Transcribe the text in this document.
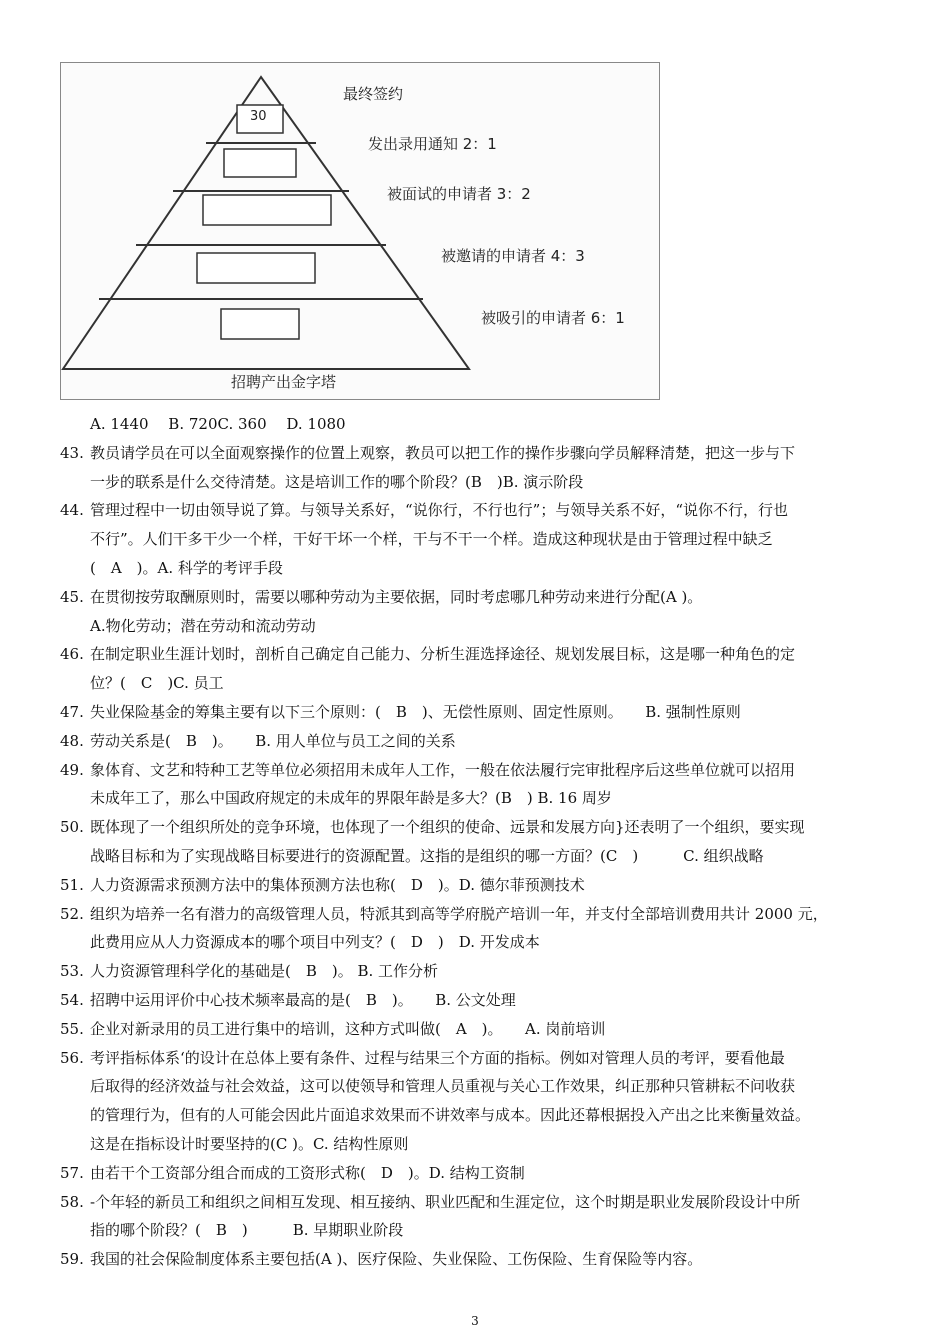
30
最终签约
发出录用通知 2：1
被面试的申请者 3：2
被邀请的申请者 4：3
被吸引的申请者 6：1
招聘产出金字塔
A. 1440　 B. 720C. 360　 D. 1080
43. 教员请学员在可以全面观察操作的位置上观察，教员可以把工作的操作步骤向学员解释清楚，把这一步与下
一步的联系是什么交待清楚。这是培训工作的哪个阶段？(B　)B. 演示阶段
44. 管理过程中一切由领导说了算。与领导关系好，“说你行，不行也行”；与领导关系不好，“说你不行，行也
不行”。人们干多干少一个样，干好干坏一个样，干与不干一个样。造成这种现状是由于管理过程中缺乏
(　A　)。A. 科学的考评手段
45. 在贯彻按劳取酬原则时，需要以哪种劳动为主要依据，同时考虑哪几种劳动来进行分配(A )。
A.物化劳动；潜在劳动和流动劳动
46. 在制定职业生涯计划时，剖析自己确定自己能力、分析生涯选择途径、规划发展目标，这是哪一种角色的定
位？(　C　)C. 员工
47. 失业保险基金的筹集主要有以下三个原则：(　B　)、无偿性原则、固定性原则。　　B. 强制性原则
48. 劳动关系是(　B　)。　　B. 用人单位与员工之间的关系
49. 象体育、文艺和特种工艺等单位必须招用未成年人工作，一般在依法履行完审批程序后这些单位就可以招用
未成年工了，那么中国政府规定的未成年的界限年龄是多大？(B　) B. 16 周岁
50. 既体现了一个组织所处的竞争环境，也体现了一个组织的使命、远景和发展方向}还表明了一个组织，要实现
战略目标和为了实现战略目标要进行的资源配置。这指的是组织的哪一方面？(C　)　　　C. 组织战略
51. 人力资源需求预测方法中的集体预测方法也称(　D　)。D. 德尔菲预测技术
52. 组织为培养一名有潜力的高级管理人员，特派其到高等学府脱产培训一年，并支付全部培训费用共计 2000 元，
此费用应从人力资源成本的哪个项目中列支？(　D　)　D. 开发成本
53. 人力资源管理科学化的基础是(　B　)。 B. 工作分析
54. 招聘中运用评价中心技术频率最高的是(　B　)。　　B. 公文处理
55. 企业对新录用的员工进行集中的培训，这种方式叫做(　A　)。　　A. 岗前培训
56. 考评指标体系‘的设计在总体上要有条件、过程与结果三个方面的指标。例如对管理人员的考评，要看他最
后取得的经济效益与社会效益，这可以使领导和管理人员重视与关心工作效果，纠正那种只管耕耘不问收获
的管理行为，但有的人可能会因此片面追求效果而不讲效率与成本。因此还幕根据投入产出之比来衡量效益。
这是在指标设计时要坚持的(C )。C. 结构性原则
57. 由若干个工资部分组合而成的工资形式称(　D　)。D. 结构工资制
58. -个年轻的新员工和组织之间相互发现、相互接纳、职业匹配和生涯定位，这个时期是职业发展阶段设计中所
指的哪个阶段？(　B　)　　　B. 早期职业阶段
59. 我国的社会保险制度体系主要包括(A )、医疗保险、失业保险、工伤保险、生育保险等内容。
3
